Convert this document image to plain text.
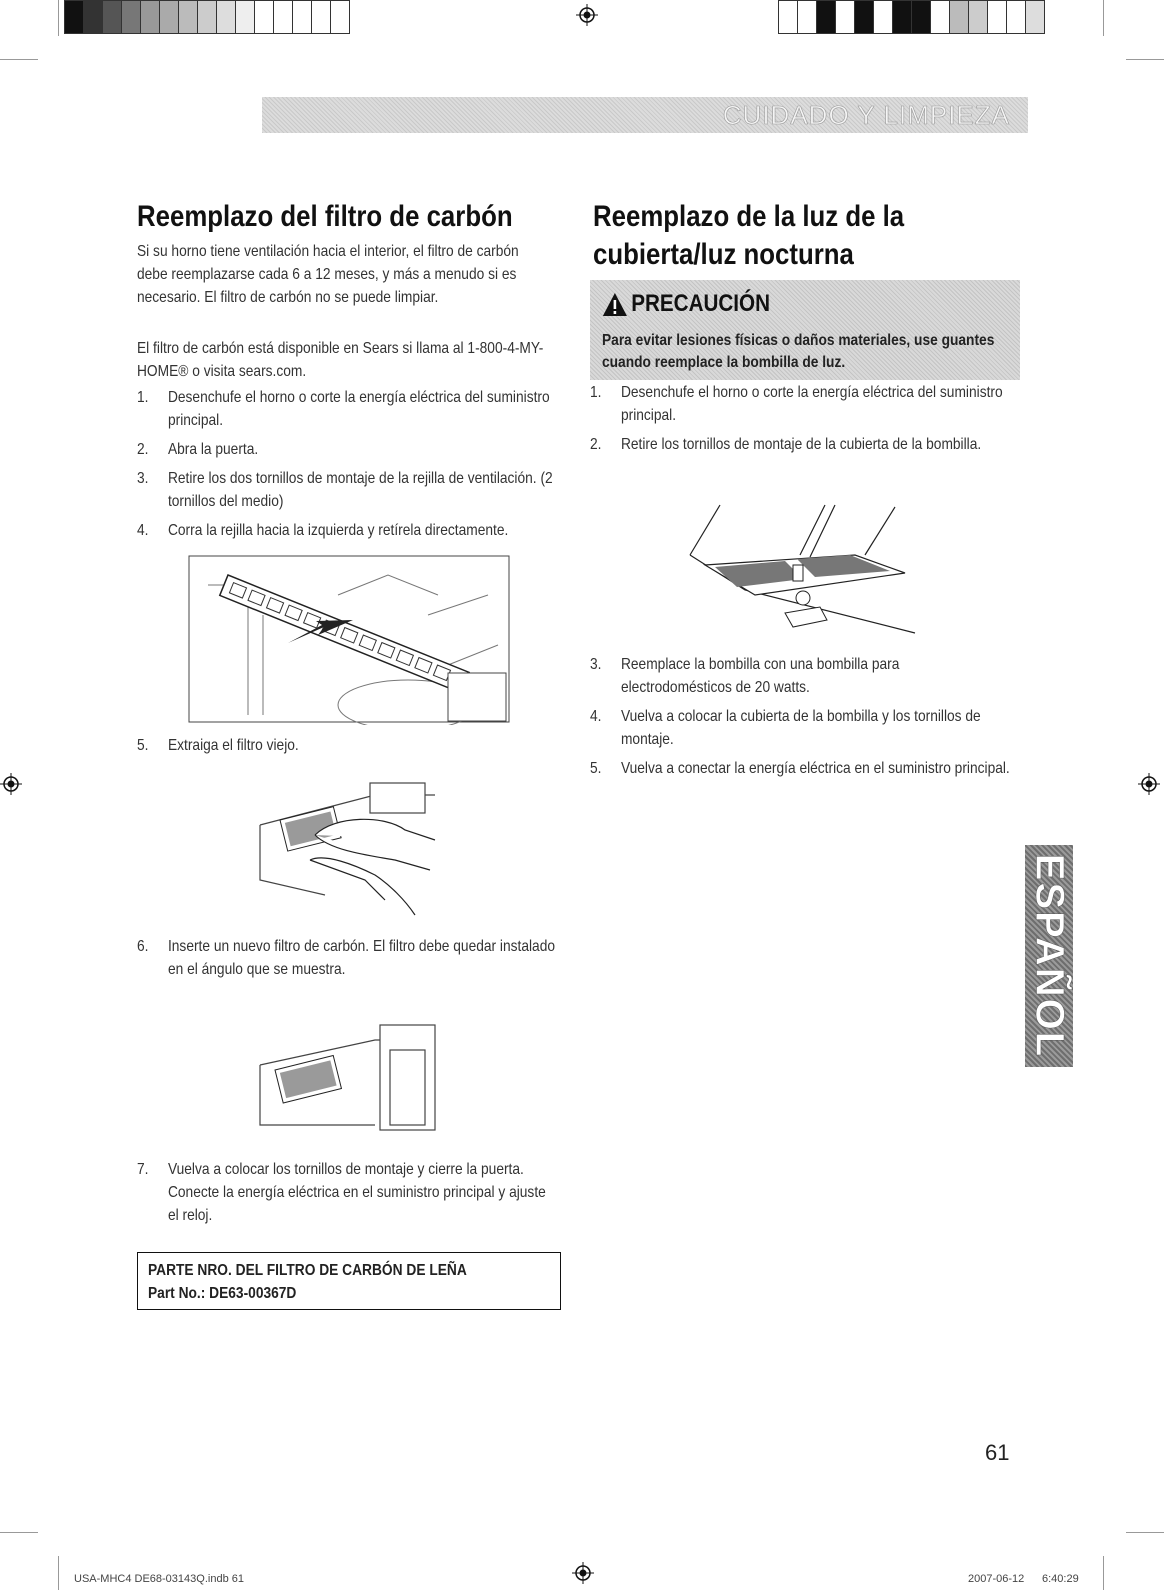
CUIDADO Y LIMPIEZA
Reemplazo del filtro de carbón

Si su horno tiene ventilación hacia el interior, el filtro de carbón debe reemplazarse cada 6 a 12 meses, y más a menudo si es necesario. El filtro de carbón no se puede limpiar.

El filtro de carbón está disponible en Sears si llama al 1-800-4-MY-HOME® o visita sears.com.

1. Desenchufe el horno o corte la energía eléctrica del suministro principal.
2. Abra la puerta.
3. Retire los dos tornillos de montaje de la rejilla de ventilación. (2 tornillos del medio)
4. Corra la rejilla hacia la izquierda y retírela directamente.
5. Extraiga el filtro viejo.
6. Inserte un nuevo filtro de carbón. El filtro debe quedar instalado en el ángulo que se muestra.
7. Vuelva a colocar los tornillos de montaje y cierre la puerta. Conecte la energía eléctrica en el suministro principal y ajuste el reloj.
PARTE NRO. DEL FILTRO DE CARBÓN DE LEÑA
Part No.: DE63-00367D
Reemplazo de la luz de la
cubierta/luz nocturna
PRECAUCIÓN
Para evitar lesiones físicas o daños materiales, use guantes cuando reemplace la bombilla de luz.
1. Desenchufe el horno o corte la energía eléctrica del suministro principal.
2. Retire los tornillos de montaje de la cubierta de la bombilla.
3. Reemplace la bombilla con una bombilla para electrodomésticos de 20 watts.
4. Vuelva a colocar la cubierta de la bombilla y los tornillos de montaje.
5. Vuelva a conectar la energía eléctrica en el suministro principal.
ESPAÑOL
61
USA-MHC4 DE68-03143Q.indb 61	2007-06-12 6:40:29
